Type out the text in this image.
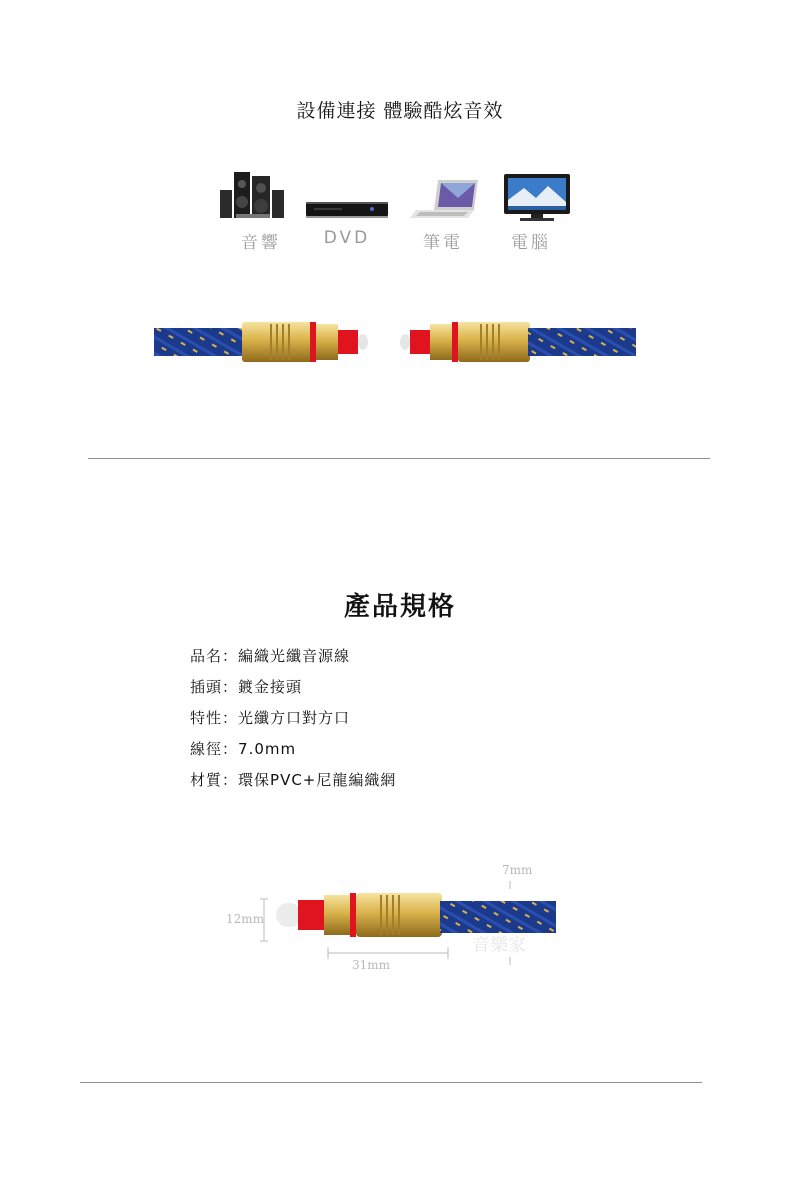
設備連接 體驗酷炫音效
音響	DVD	筆電	電腦
產品規格
品名：編織光纖音源線
插頭：鍍金接頭
特性：光纖方口對方口
線徑：7.0mm
材質：環保PVC+尼龍編織網
7mm
12mm
31mm
音樂家
